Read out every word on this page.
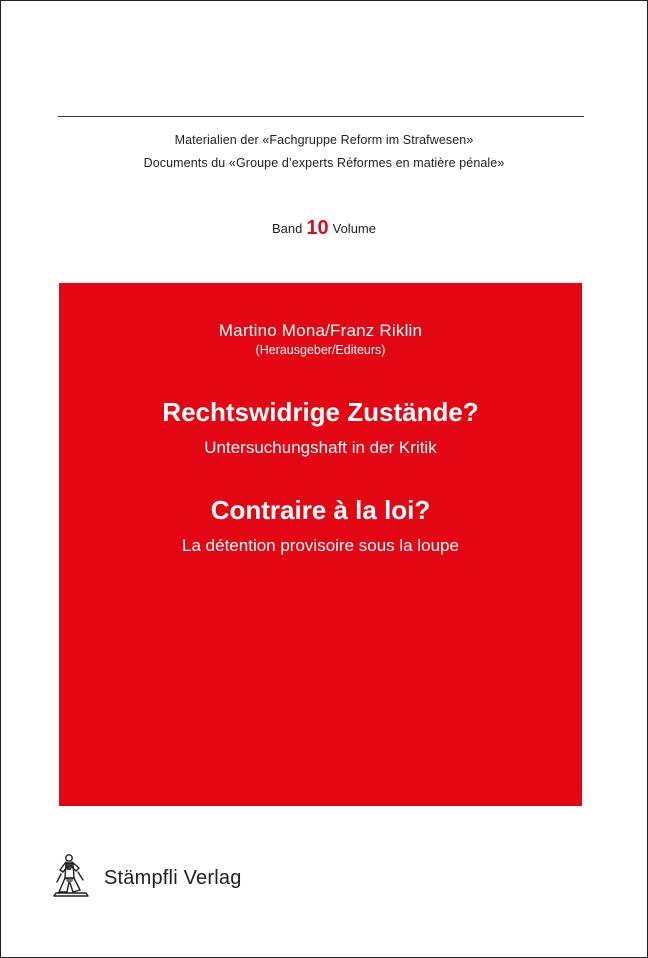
Materialien der «Fachgruppe Reform im Strafwesen»
Documents du «Groupe d’experts Réformes en matière pénale»
Band 10 Volume
Martino Mona/Franz Riklin
(Herausgeber/Editeurs)
Rechtswidrige Zustände?
Untersuchungshaft in der Kritik
Contraire à la loi?
La détention provisoire sous la loupe
Stämpfli Verlag
